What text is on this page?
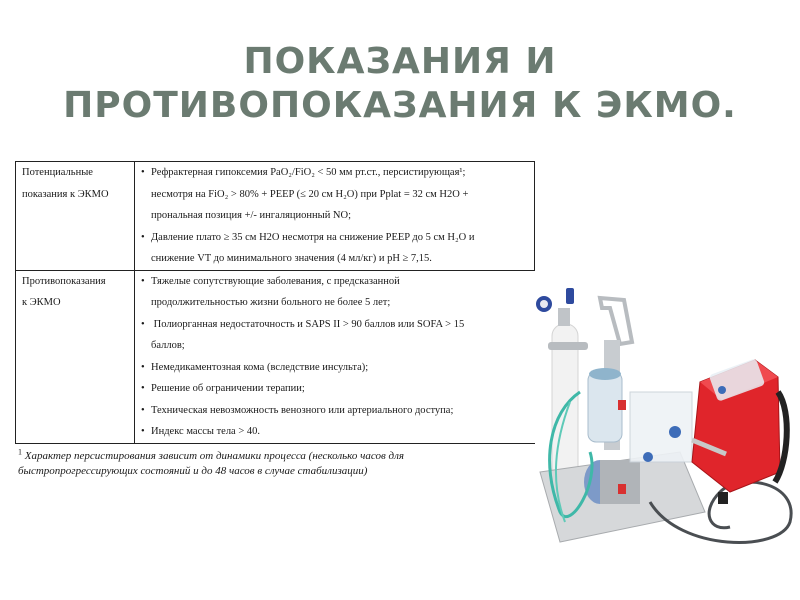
ПОКАЗАНИЯ И
ПРОТИВОПОКАЗАНИЯ К ЭКМО.
Потенциальные
показания к ЭКМО	• Рефрактерная гипоксемия PaO₂/FiO₂ < 50 мм рт.ст., персистирующая¹;
несмотря на FiO₂ > 80% + PEEP (≤ 20 см H₂O) при Pplat = 32 см H2O +
прональная позиция +/- ингаляционный NO;
• Давление плато ≥ 35 см H2O несмотря на снижение PEEP до 5 см H₂O и
снижение VT до минимального значения (4 мл/кг) и pH ≥ 7,15.

Противопоказания
к ЭКМО

• Тяжелые сопутствующие заболевания, с предсказанной
продолжительностью жизни больного не более 5 лет;
• Полиорганная недостаточность и SAPS II > 90 баллов или SOFA > 15
баллов;
• Немедикаментозная кома (вследствие инсульта);
• Решение об ограничении терапии;
• Техническая невозможность венозного или артериального доступа;
• Индекс массы тела > 40.
$^1$ Характер персистирования зависит от динамики процесса (несколько часов для
быстропрогрессирующих состояний и до 48 часов в случае стабилизации)
